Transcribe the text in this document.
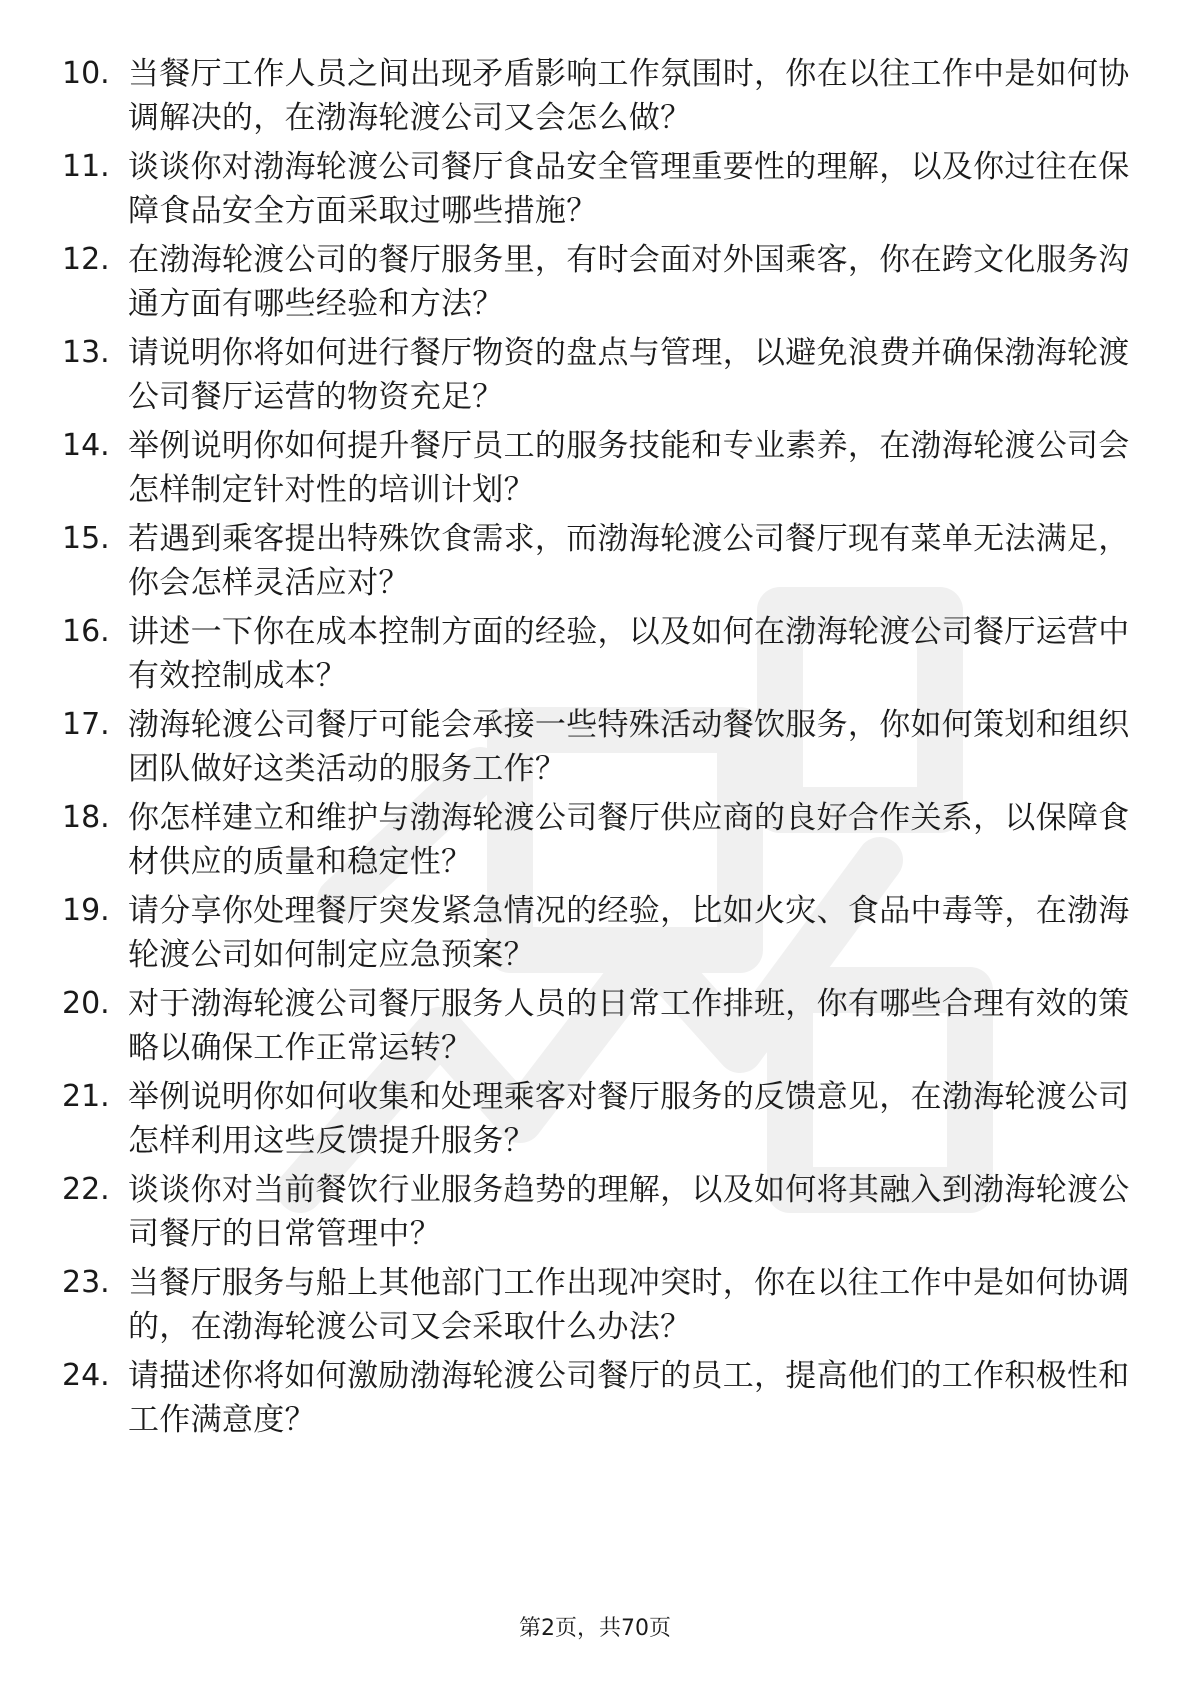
10. 当餐厅工作人员之间出现矛盾影响工作氛围时，你在以往工作中是如何协调解决的，在渤海轮渡公司又会怎么做？
11. 谈谈你对渤海轮渡公司餐厅食品安全管理重要性的理解，以及你过往在保障食品安全方面采取过哪些措施？
12. 在渤海轮渡公司的餐厅服务里，有时会面对外国乘客，你在跨文化服务沟通方面有哪些经验和方法？
13. 请说明你将如何进行餐厅物资的盘点与管理，以避免浪费并确保渤海轮渡公司餐厅运营的物资充足？
14. 举例说明你如何提升餐厅员工的服务技能和专业素养，在渤海轮渡公司会怎样制定针对性的培训计划？
15. 若遇到乘客提出特殊饮食需求，而渤海轮渡公司餐厅现有菜单无法满足，你会怎样灵活应对？
16. 讲述一下你在成本控制方面的经验，以及如何在渤海轮渡公司餐厅运营中有效控制成本？
17. 渤海轮渡公司餐厅可能会承接一些特殊活动餐饮服务，你如何策划和组织团队做好这类活动的服务工作？
18. 你怎样建立和维护与渤海轮渡公司餐厅供应商的良好合作关系，以保障食材供应的质量和稳定性？
19. 请分享你处理餐厅突发紧急情况的经验，比如火灾、食品中毒等，在渤海轮渡公司如何制定应急预案？
20. 对于渤海轮渡公司餐厅服务人员的日常工作排班，你有哪些合理有效的策略以确保工作正常运转？
21. 举例说明你如何收集和处理乘客对餐厅服务的反馈意见，在渤海轮渡公司怎样利用这些反馈提升服务？
22. 谈谈你对当前餐饮行业服务趋势的理解，以及如何将其融入到渤海轮渡公司餐厅的日常管理中？
23. 当餐厅服务与船上其他部门工作出现冲突时，你在以往工作中是如何协调的，在渤海轮渡公司又会采取什么办法？
24. 请描述你将如何激励渤海轮渡公司餐厅的员工，提高他们的工作积极性和工作满意度？
第2页，共70页
